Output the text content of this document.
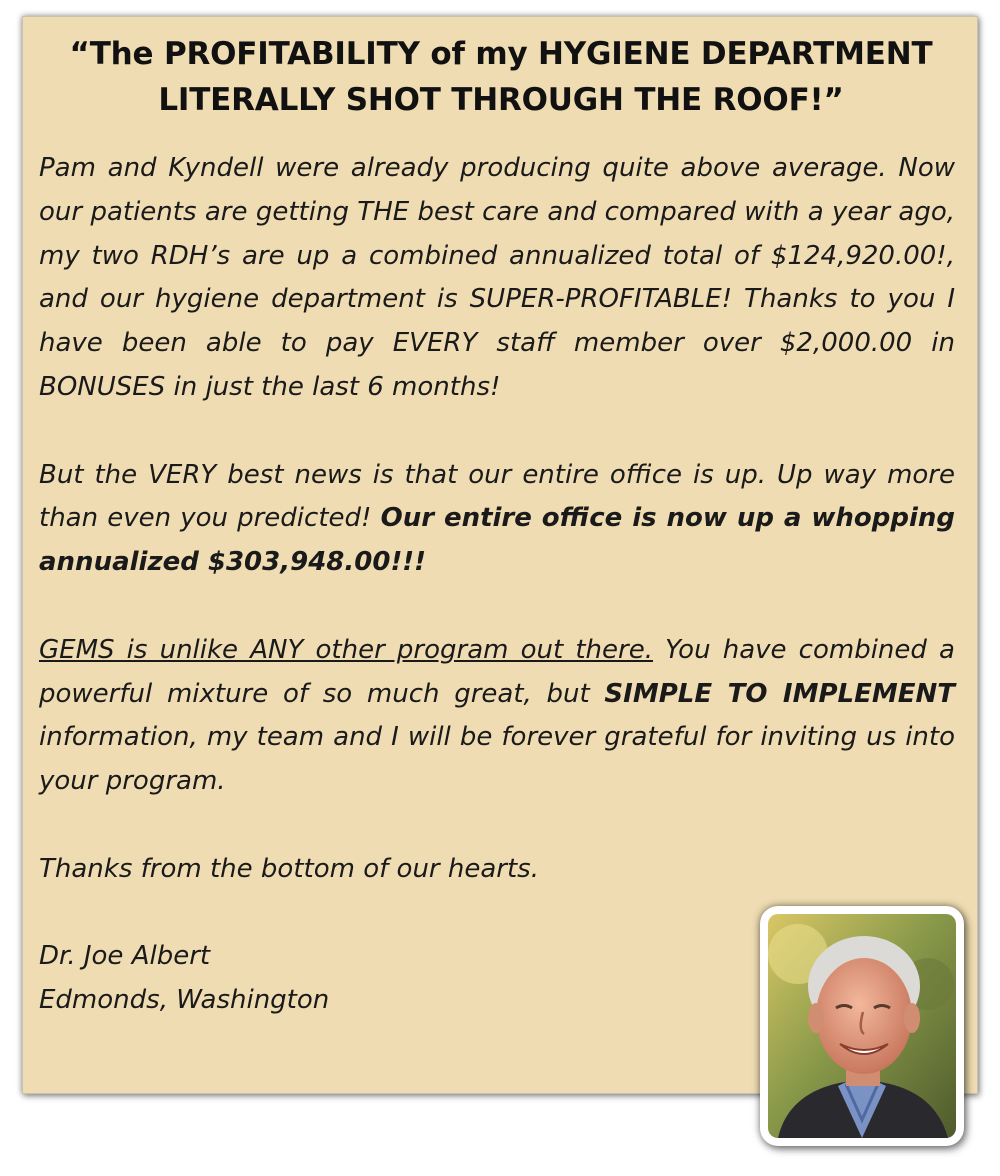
“The PROFITABILITY of my HYGIENE DEPARTMENT
LITERALLY SHOT THROUGH THE ROOF!”

Pam and Kyndell were already producing quite above average. Now our patients are getting THE best care and compared with a year ago, my two RDH’s are up a combined annualized total of $124,920.00!, and our hygiene department is SUPER-PROFITABLE! Thanks to you I have been able to pay EVERY staff member over $2,000.00 in BONUSES in just the last 6 months!

But the VERY best news is that our entire office is up. Up way more than even you predicted! Our entire office is now up a whopping annualized $303,948.00!!!

GEMS is unlike ANY other program out there. You have combined a powerful mixture of so much great, but SIMPLE TO IMPLEMENT information, my team and I will be forever grateful for inviting us into your program.

Thanks from the bottom of our hearts.

Dr. Joe Albert

Edmonds, Washington
